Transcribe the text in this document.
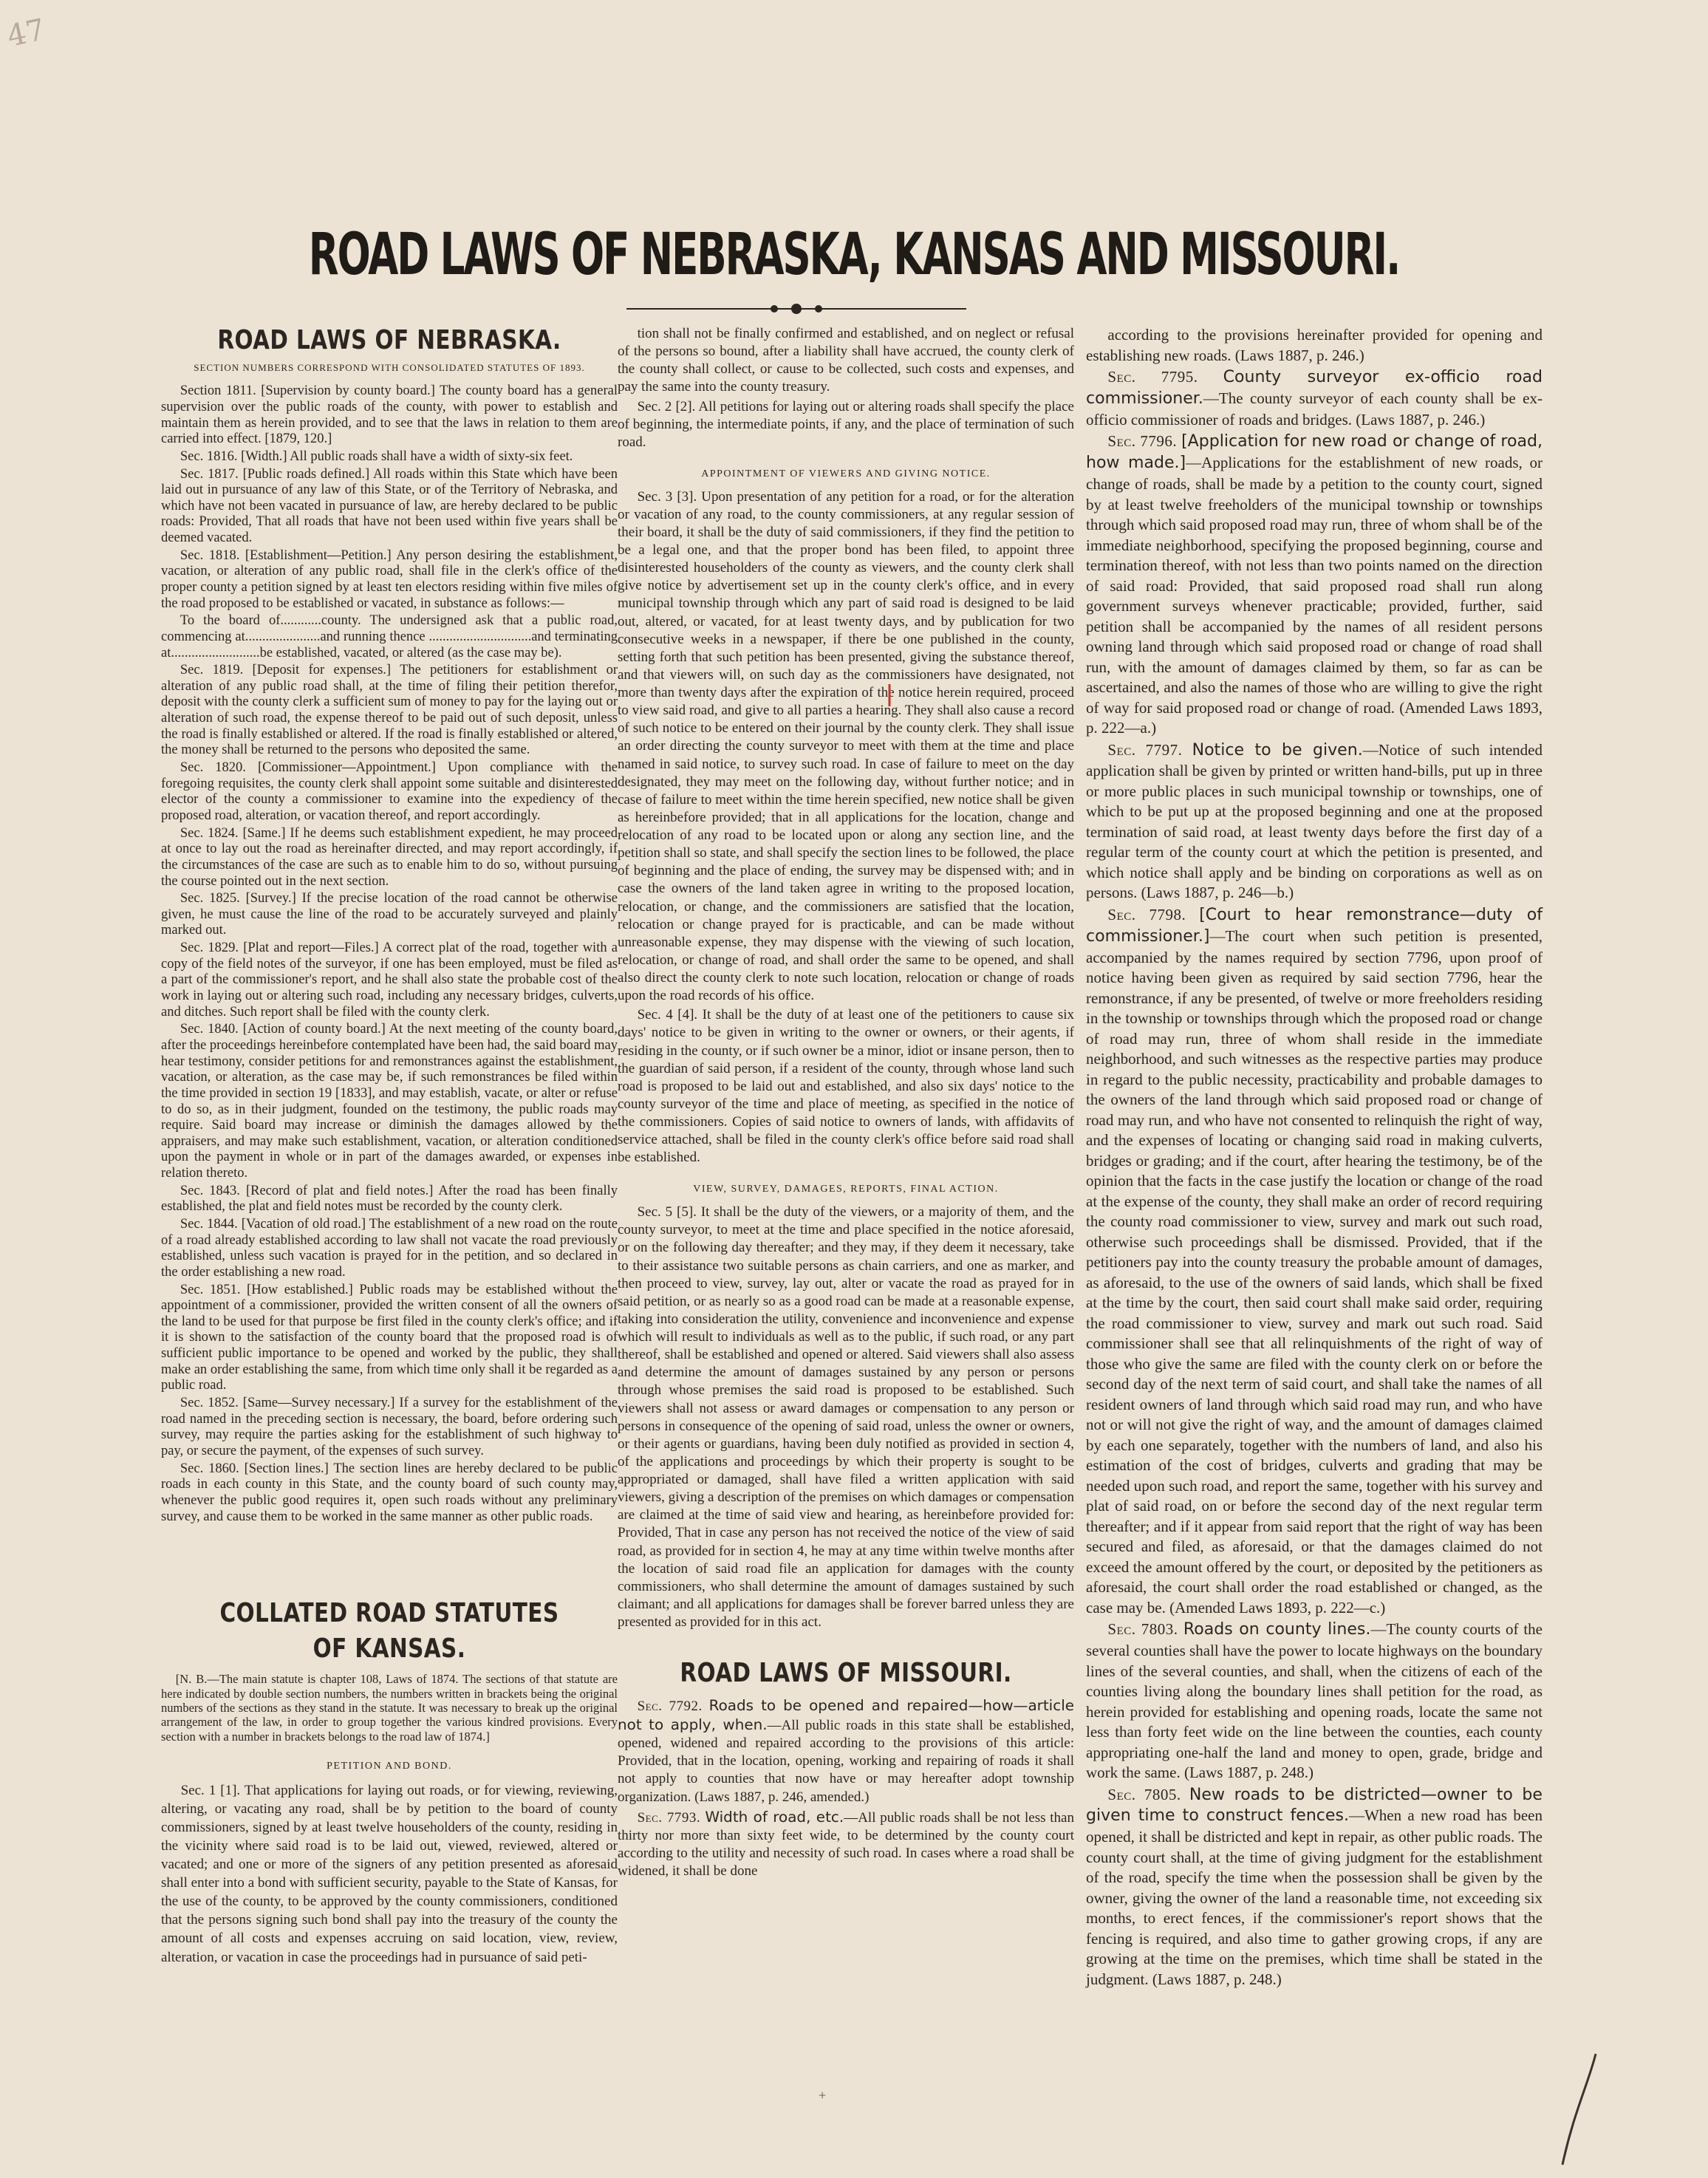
47
ROAD LAWS OF NEBRASKA, KANSAS AND MISSOURI.
ROAD LAWS OF NEBRASKA.
SECTION NUMBERS CORRESPOND WITH CONSOLIDATED STATUTES OF 1893.

Section 1811. [Supervision by county board.] The county board has a general supervision over the public roads of the county, with power to establish and maintain them as herein provided, and to see that the laws in relation to them are carried into effect. [1879, 120.]

Sec. 1816. [Width.] All public roads shall have a width of sixty-six feet.

Sec. 1817. [Public roads defined.] All roads within this State which have been laid out in pursuance of any law of this State, or of the Territory of Nebraska, and which have not been vacated in pursuance of law, are hereby declared to be public roads: Provided, That all roads that have not been used within five years shall be deemed vacated.

Sec. 1818. [Establishment—Petition.] Any person desiring the establishment, vacation, or alteration of any public road, shall file in the clerk's office of the proper county a petition signed by at least ten electors residing within five miles of the road proposed to be established or vacated, in substance as follows:—

To the board of............county. The undersigned ask that a public road, commencing at......................and running thence ..............................and terminating at..........................be established, vacated, or altered (as the case may be).

Sec. 1819. [Deposit for expenses.] The petitioners for establishment or alteration of any public road shall, at the time of filing their petition therefor, deposit with the county clerk a sufficient sum of money to pay for the laying out or alteration of such road, the expense thereof to be paid out of such deposit, unless the road is finally established or altered. If the road is finally established or altered, the money shall be returned to the persons who deposited the same.

Sec. 1820. [Commissioner—Appointment.] Upon compliance with the foregoing requisites, the county clerk shall appoint some suitable and disinterested elector of the county a commissioner to examine into the expediency of the proposed road, alteration, or vacation thereof, and report accordingly.

Sec. 1824. [Same.] If he deems such establishment expedient, he may proceed at once to lay out the road as hereinafter directed, and may report accordingly, if the circumstances of the case are such as to enable him to do so, without pursuing the course pointed out in the next section.

Sec. 1825. [Survey.] If the precise location of the road cannot be otherwise given, he must cause the line of the road to be accurately surveyed and plainly marked out.

Sec. 1829. [Plat and report—Files.] A correct plat of the road, together with a copy of the field notes of the surveyor, if one has been employed, must be filed as a part of the commissioner's report, and he shall also state the probable cost of the work in laying out or altering such road, including any necessary bridges, culverts, and ditches. Such report shall be filed with the county clerk.

Sec. 1840. [Action of county board.] At the next meeting of the county board, after the proceedings hereinbefore contemplated have been had, the said board may hear testimony, consider petitions for and remonstrances against the establishment, vacation, or alteration, as the case may be, if such remonstrances be filed within the time provided in section 19 [1833], and may establish, vacate, or alter or refuse to do so, as in their judgment, founded on the testimony, the public roads may require. Said board may increase or diminish the damages allowed by the appraisers, and may make such establishment, vacation, or alteration conditioned upon the payment in whole or in part of the damages awarded, or expenses in relation thereto.

Sec. 1843. [Record of plat and field notes.] After the road has been finally established, the plat and field notes must be recorded by the county clerk.

Sec. 1844. [Vacation of old road.] The establishment of a new road on the route of a road already established according to law shall not vacate the road previously established, unless such vacation is prayed for in the petition, and so declared in the order establishing a new road.

Sec. 1851. [How established.] Public roads may be established without the appointment of a commissioner, provided the written consent of all the owners of the land to be used for that purpose be first filed in the county clerk's office; and if it is shown to the satisfaction of the county board that the proposed road is of sufficient public importance to be opened and worked by the public, they shall make an order establishing the same, from which time only shall it be regarded as a public road.

Sec. 1852. [Same—Survey necessary.] If a survey for the establishment of the road named in the preceding section is necessary, the board, before ordering such survey, may require the parties asking for the establishment of such highway to pay, or secure the payment, of the expenses of such survey.

Sec. 1860. [Section lines.] The section lines are hereby declared to be public roads in each county in this State, and the county board of such county may, whenever the public good requires it, open such roads without any preliminary survey, and cause them to be worked in the same manner as other public roads.

COLLATED ROAD STATUTES OF KANSAS.

[N. B.—The main statute is chapter 108, Laws of 1874. The sections of that statute are here indicated by double section numbers, the numbers written in brackets being the original numbers of the sections as they stand in the statute. It was necessary to break up the original arrangement of the law, in order to group together the various kindred provisions. Every section with a number in brackets belongs to the road law of 1874.]

PETITION AND BOND.

Sec. 1 [1]. That applications for laying out roads, or for viewing, reviewing, altering, or vacating any road, shall be by petition to the board of county commissioners, signed by at least twelve householders of the county, residing in the vicinity where said road is to be laid out, viewed, reviewed, altered or vacated; and one or more of the signers of any petition presented as aforesaid shall enter into a bond with sufficient security, payable to the State of Kansas, for the use of the county, to be approved by the county commissioners, conditioned that the persons signing such bond shall pay into the treasury of the county the amount of all costs and expenses accruing on said location, view, review, alteration, or vacation in case the proceedings had in pursuance of said peti-

tion shall not be finally confirmed and established, and on neglect or refusal of the persons so bound, after a liability shall have accrued, the county clerk of the county shall collect, or cause to be collected, such costs and expenses, and pay the same into the county treasury.

Sec. 2 [2]. All petitions for laying out or altering roads shall specify the place of beginning, the intermediate points, if any, and the place of termination of such road.

APPOINTMENT OF VIEWERS AND GIVING NOTICE.

Sec. 3 [3]. Upon presentation of any petition for a road, or for the alteration or vacation of any road, to the county commissioners, at any regular session of their board, it shall be the duty of said commissioners, if they find the petition to be a legal one, and that the proper bond has been filed, to appoint three disinterested householders of the county as viewers, and the county clerk shall give notice by advertisement set up in the county clerk's office, and in every municipal township through which any part of said road is designed to be laid out, altered, or vacated, for at least twenty days, and by publication for two consecutive weeks in a newspaper, if there be one published in the county, setting forth that such petition has been presented, giving the substance thereof, and that viewers will, on such day as the commissioners have designated, not more than twenty days after the expiration of the notice herein required, proceed to view said road, and give to all parties a hearing. They shall also cause a record of such notice to be entered on their journal by the county clerk. They shall issue an order directing the county surveyor to meet with them at the time and place named in said notice, to survey such road. In case of failure to meet on the day designated, they may meet on the following day, without further notice; and in case of failure to meet within the time herein specified, new notice shall be given as hereinbefore provided; that in all applications for the location, change and relocation of any road to be located upon or along any section line, and the petition shall so state, and shall specify the section lines to be followed, the place of beginning and the place of ending, the survey may be dispensed with; and in case the owners of the land taken agree in writing to the proposed location, relocation, or change, and the commissioners are satisfied that the location, relocation or change prayed for is practicable, and can be made without unreasonable expense, they may dispense with the viewing of such location, relocation, or change of road, and shall order the same to be opened, and shall also direct the county clerk to note such location, relocation or change of roads upon the road records of his office.

Sec. 4 [4]. It shall be the duty of at least one of the petitioners to cause six days' notice to be given in writing to the owner or owners, or their agents, if residing in the county, or if such owner be a minor, idiot or insane person, then to the guardian of said person, if a resident of the county, through whose land such road is proposed to be laid out and established, and also six days' notice to the county surveyor of the time and place of meeting, as specified in the notice of the commissioners. Copies of said notice to owners of lands, with affidavits of service attached, shall be filed in the county clerk's office before said road shall be established.

VIEW, SURVEY, DAMAGES, REPORTS, FINAL ACTION.

Sec. 5 [5]. It shall be the duty of the viewers, or a majority of them, and the county surveyor, to meet at the time and place specified in the notice aforesaid, or on the following day thereafter; and they may, if they deem it necessary, take to their assistance two suitable persons as chain carriers, and one as marker, and then proceed to view, survey, lay out, alter or vacate the road as prayed for in said petition, or as nearly so as a good road can be made at a reasonable expense, taking into consideration the utility, convenience and inconvenience and expense which will result to individuals as well as to the public, if such road, or any part thereof, shall be established and opened or altered. Said viewers shall also assess and determine the amount of damages sustained by any person or persons through whose premises the said road is proposed to be established. Such viewers shall not assess or award damages or compensation to any person or persons in consequence of the opening of said road, unless the owner or owners, or their agents or guardians, having been duly notified as provided in section 4, of the applications and proceedings by which their property is sought to be appropriated or damaged, shall have filed a written application with said viewers, giving a description of the premises on which damages or compensation are claimed at the time of said view and hearing, as hereinbefore provided for: Provided, That in case any person has not received the notice of the view of said road, as provided for in section 4, he may at any time within twelve months after the location of said road file an application for damages with the county commissioners, who shall determine the amount of damages sustained by such claimant; and all applications for damages shall be forever barred unless they are presented as provided for in this act.

ROAD LAWS OF MISSOURI.

Sec. 7792. Roads to be opened and repaired—how—article not to apply, when.—All public roads in this state shall be established, opened, widened and repaired according to the provisions of this article: Provided, that in the location, opening, working and repairing of roads it shall not apply to counties that now have or may hereafter adopt township organization. (Laws 1887, p. 246, amended.)

Sec. 7793. Width of road, etc.—All public roads shall be not less than thirty nor more than sixty feet wide, to be determined by the county court according to the utility and necessity of such road. In cases where a road shall be widened, it shall be done

according to the provisions hereinafter provided for opening and establishing new roads. (Laws 1887, p. 246.)

Sec. 7795. County surveyor ex-officio road commissioner.—The county surveyor of each county shall be ex-officio commissioner of roads and bridges. (Laws 1887, p. 246.)

Sec. 7796. [Application for new road or change of road, how made.]—Applications for the establishment of new roads, or change of roads, shall be made by a petition to the county court, signed by at least twelve freeholders of the municipal township or townships through which said proposed road may run, three of whom shall be of the immediate neighborhood, specifying the proposed beginning, course and termination thereof, with not less than two points named on the direction of said road: Provided, that said proposed road shall run along government surveys whenever practicable; provided, further, said petition shall be accompanied by the names of all resident persons owning land through which said proposed road or change of road shall run, with the amount of damages claimed by them, so far as can be ascertained, and also the names of those who are willing to give the right of way for said proposed road or change of road. (Amended Laws 1893, p. 222—a.)

Sec. 7797. Notice to be given.—Notice of such intended application shall be given by printed or written hand-bills, put up in three or more public places in such municipal township or townships, one of which to be put up at the proposed beginning and one at the proposed termination of said road, at least twenty days before the first day of a regular term of the county court at which the petition is presented, and which notice shall apply and be binding on corporations as well as on persons. (Laws 1887, p. 246—b.)

Sec. 7798. [Court to hear remonstrance—duty of commissioner.]—The court when such petition is presented, accompanied by the names required by section 7796, upon proof of notice having been given as required by said section 7796, hear the remonstrance, if any be presented, of twelve or more freeholders residing in the township or townships through which the proposed road or change of road may run, three of whom shall reside in the immediate neighborhood, and such witnesses as the respective parties may produce in regard to the public necessity, practicability and probable damages to the owners of the land through which said proposed road or change of road may run, and who have not consented to relinquish the right of way, and the expenses of locating or changing said road in making culverts, bridges or grading; and if the court, after hearing the testimony, be of the opinion that the facts in the case justify the location or change of the road at the expense of the county, they shall make an order of record requiring the county road commissioner to view, survey and mark out such road, otherwise such proceedings shall be dismissed. Provided, that if the petitioners pay into the county treasury the probable amount of damages, as aforesaid, to the use of the owners of said lands, which shall be fixed at the time by the court, then said court shall make said order, requiring the road commissioner to view, survey and mark out such road. Said commissioner shall see that all relinquishments of the right of way of those who give the same are filed with the county clerk on or before the second day of the next term of said court, and shall take the names of all resident owners of land through which said road may run, and who have not or will not give the right of way, and the amount of damages claimed by each one separately, together with the numbers of land, and also his estimation of the cost of bridges, culverts and grading that may be needed upon such road, and report the same, together with his survey and plat of said road, on or before the second day of the next regular term thereafter; and if it appear from said report that the right of way has been secured and filed, as aforesaid, or that the damages claimed do not exceed the amount offered by the court, or deposited by the petitioners as aforesaid, the court shall order the road established or changed, as the case may be. (Amended Laws 1893, p. 222—c.)

Sec. 7803. Roads on county lines.—The county courts of the several counties shall have the power to locate highways on the boundary lines of the several counties, and shall, when the citizens of each of the counties living along the boundary lines shall petition for the road, as herein provided for establishing and opening roads, locate the same not less than forty feet wide on the line between the counties, each county appropriating one-half the land and money to open, grade, bridge and work the same. (Laws 1887, p. 248.)

Sec. 7805. New roads to be districted—owner to be given time to construct fences.—When a new road has been opened, it shall be districted and kept in repair, as other public roads. The county court shall, at the time of giving judgment for the establishment of the road, specify the time when the possession shall be given by the owner, giving the owner of the land a reasonable time, not exceeding six months, to erect fences, if the commissioner's report shows that the fencing is required, and also time to gather growing crops, if any are growing at the time on the premises, which time shall be stated in the judgment. (Laws 1887, p. 248.)

+
